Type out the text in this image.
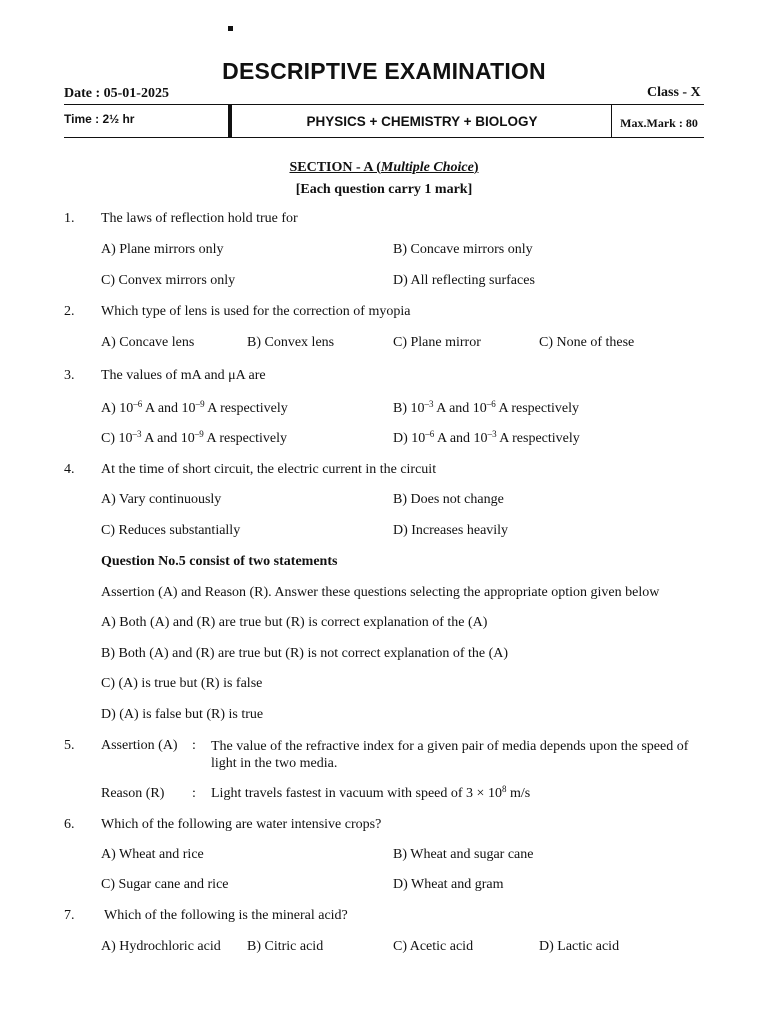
DESCRIPTIVE EXAMINATION
Date : 05-01-2025	Class - X
Time : 2½ hr	PHYSICS + CHEMISTRY + BIOLOGY	Max.Mark : 80
SECTION - A (Multiple Choice)
[Each question carry 1 mark]
1. The laws of reflection hold true for
A) Plane mirrors only	B) Concave mirrors only
C) Convex mirrors only	D) All reflecting surfaces
2. Which type of lens is used for the correction of myopia
A) Concave lens	B) Convex lens	C) Plane mirror	C) None of these
3. The values of mA and μA are
A) $10^{-6}$ A and $10^{-9}$ A respectively	B) $10^{-3}$ A and $10^{-6}$ A respectively
C) $10^{-3}$ A and $10^{-9}$ A respectively	D) $10^{-6}$ A and $10^{-3}$ A respectively
4. At the time of short circuit, the electric current in the circuit
A) Vary continuously	B) Does not change
C) Reduces substantially	D) Increases heavily
Question No.5 consist of two statements
Assertion (A) and Reason (R). Answer these questions selecting the appropriate option given below
A) Both (A) and (R) are true but (R) is correct explanation of the (A)
B) Both (A) and (R) are true but (R) is not correct explanation of the (A)
C) (A) is true but (R) is false
D) (A) is false but (R) is true
5. Assertion (A) : The value of the refractive index for a given pair of media depends upon the speed of light in the two media.
Reason (R) : Light travels fastest in vacuum with speed of $3 \times 10^8$ m/s
6. Which of the following are water intensive crops?
A) Wheat and rice	B) Wheat and sugar cane
C) Sugar cane and rice	D) Wheat and gram
7. Which of the following is the mineral acid?
A) Hydrochloric acid B) Citric acid	C) Acetic acid	D) Lactic acid
